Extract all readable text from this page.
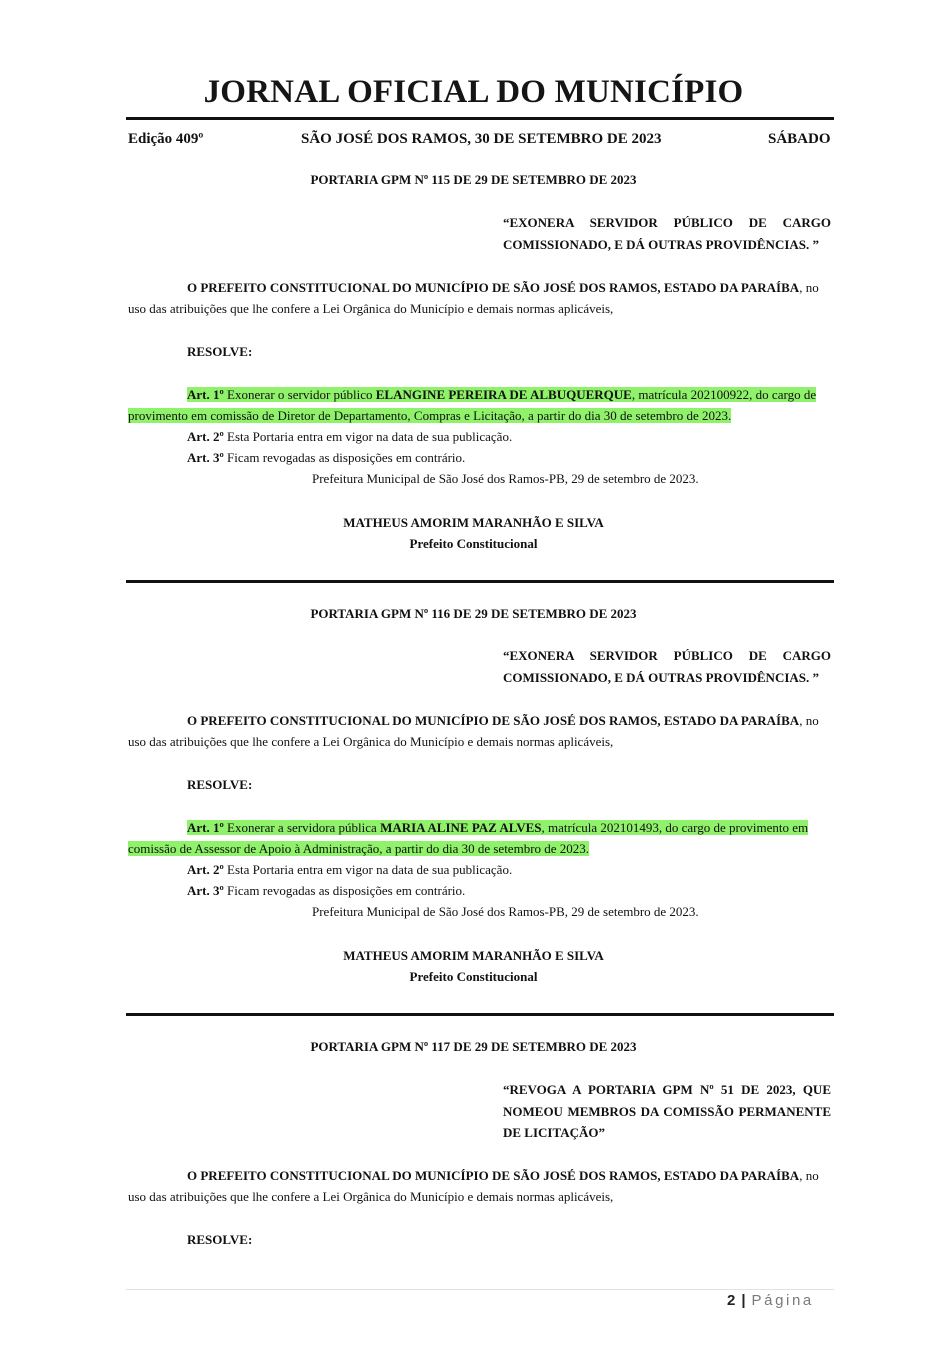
JORNAL OFICIAL DO MUNICÍPIO
Edição 409º	SÃO JOSÉ DOS RAMOS, 30 DE SETEMBRO DE 2023	SÁBADO
PORTARIA GPM Nº 115 DE 29 DE SETEMBRO DE 2023
“EXONERA SERVIDOR PÚBLICO DE CARGO
COMISSIONADO, E DÁ OUTRAS PROVIDÊNCIAS. ”
O PREFEITO CONSTITUCIONAL DO MUNICÍPIO DE SÃO JOSÉ DOS RAMOS, ESTADO DA PARAÍBA, no
uso das atribuições que lhe confere a Lei Orgânica do Município e demais normas aplicáveis,
RESOLVE:
Art. 1º Exonerar o servidor público ELANGINE PEREIRA DE ALBUQUERQUE, matrícula 202100922, do cargo de
provimento em comissão de Diretor de Departamento, Compras e Licitação, a partir do dia 30 de setembro de 2023.
Art. 2º Esta Portaria entra em vigor na data de sua publicação.
Art. 3º Ficam revogadas as disposições em contrário.
Prefeitura Municipal de São José dos Ramos-PB, 29 de setembro de 2023.
MATHEUS AMORIM MARANHÃO E SILVA
Prefeito Constitucional
PORTARIA GPM Nº 116 DE 29 DE SETEMBRO DE 2023
“EXONERA SERVIDOR PÚBLICO DE CARGO
COMISSIONADO, E DÁ OUTRAS PROVIDÊNCIAS. ”
O PREFEITO CONSTITUCIONAL DO MUNICÍPIO DE SÃO JOSÉ DOS RAMOS, ESTADO DA PARAÍBA, no
uso das atribuições que lhe confere a Lei Orgânica do Município e demais normas aplicáveis,
RESOLVE:
Art. 1º Exonerar a servidora pública MARIA ALINE PAZ ALVES, matrícula 202101493, do cargo de provimento em
comissão de Assessor de Apoio à Administração, a partir do dia 30 de setembro de 2023.
Art. 2º Esta Portaria entra em vigor na data de sua publicação.
Art. 3º Ficam revogadas as disposições em contrário.
Prefeitura Municipal de São José dos Ramos-PB, 29 de setembro de 2023.
MATHEUS AMORIM MARANHÃO E SILVA
Prefeito Constitucional
PORTARIA GPM Nº 117 DE 29 DE SETEMBRO DE 2023
“REVOGA A PORTARIA GPM Nº 51 DE 2023, QUE
NOMEOU MEMBROS DA COMISSÃO PERMANENTE
DE LICITAÇÃO”
O PREFEITO CONSTITUCIONAL DO MUNICÍPIO DE SÃO JOSÉ DOS RAMOS, ESTADO DA PARAÍBA, no
uso das atribuições que lhe confere a Lei Orgânica do Município e demais normas aplicáveis,
RESOLVE:
2 | Página
